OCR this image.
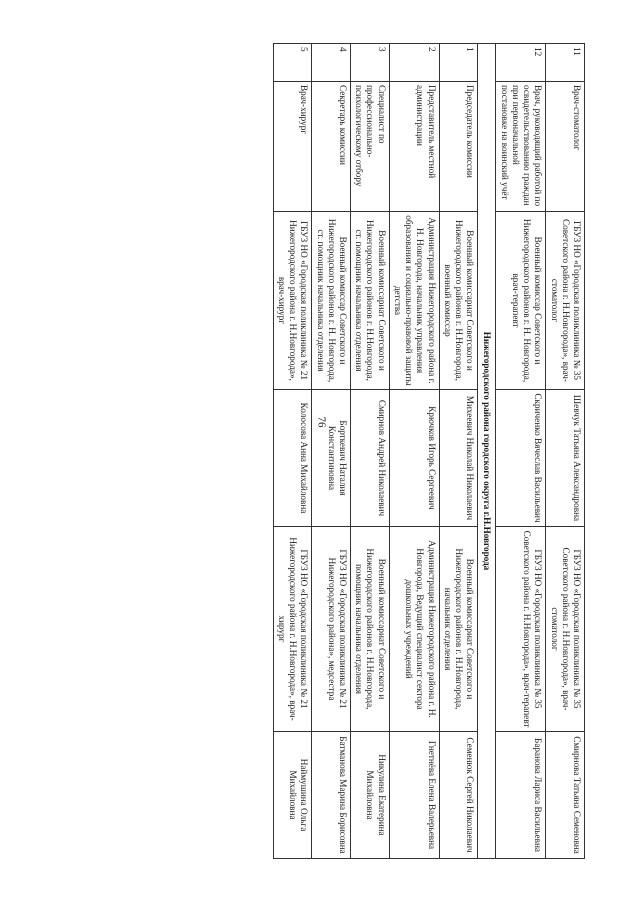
76
11	Врач-стоматолог	ГБУЗ НО «Городская поликлиника № 35 Советского района г. Н.Новгорода», врач-стоматолог	Шевчук Татьяна Александровна	ГБУЗ НО «Городская поликлиника № 35 Советского района г. Н.Новгорода», врач-стоматолог	Смирнова Татьяна Семеновна
12	Врач, руководящий работой по освидетельствованию граждан при первоначальной постановке на воинский учёт	Военный комиссар Советского и Нижегородского районов г. Н. Новгорода, врач-терапевт	Скриченко Вячеслав Васильевич	ГБУЗ НО «Городская поликлиника № 35 Советского района г. Н.Новгорода», врач-терапевт	Баранова Лариса Васильевна
Нижегородского района городского округа г.Н.Новгорода					
1	Председатель комиссии	Военный комиссариат Советского и Нижегородского районов г. Н.Новгорода, военный комиссар	Михеевич Николай Николаевич	Военный комиссариат Советского и Нижегородского районов г. Н.Новгорода, начальник отделения	Семенюк Сергей Николаевич
2	Представитель местной администрации	Администрация Нижегородского района г. Н. Новгорода, начальник управления образования и социально-правовой защиты детства	Крючков Игорь Сергеевич	Администрация Нижегородского района г. Н. Новгорода, Ведущий специалист сектора дошкольных учреждений	Гнетнёва Елена Валерьевна
3	Специалист по профессионально-психологическому отбору	Военный комиссариат Советского и Нижегородского районов г. Н.Новгорода, ст. помощник начальника отделения	Смирнов Андрей Николаевич	Военный комиссариат Советского и Нижегородского районов г. Н.Новгорода, помощник начальника отделения	Никулина Екатерина Михайловна
4	Секретарь комиссии	Военный комиссар Советского и Нижегородского районов г. Н. Новгорода, ст. помощник начальника отделения	Борткевич Наталия Константиновна	ГБУЗ НО «Городская поликлиника № 21 Нижегородского района», медсестра	Батманова Марина Борисовна
5	Врач-хирург	ГБУЗ НО «Городская поликлиника № 21 Нижегородского района г. Н.Новгорода», врач-хирург	Колосова Анна Михайловна	ГБУЗ НО «Городская поликлиника № 21 Нижегородского района г. Н.Новгорода», врач-хирург	Наймушина Ольга Михайловна
